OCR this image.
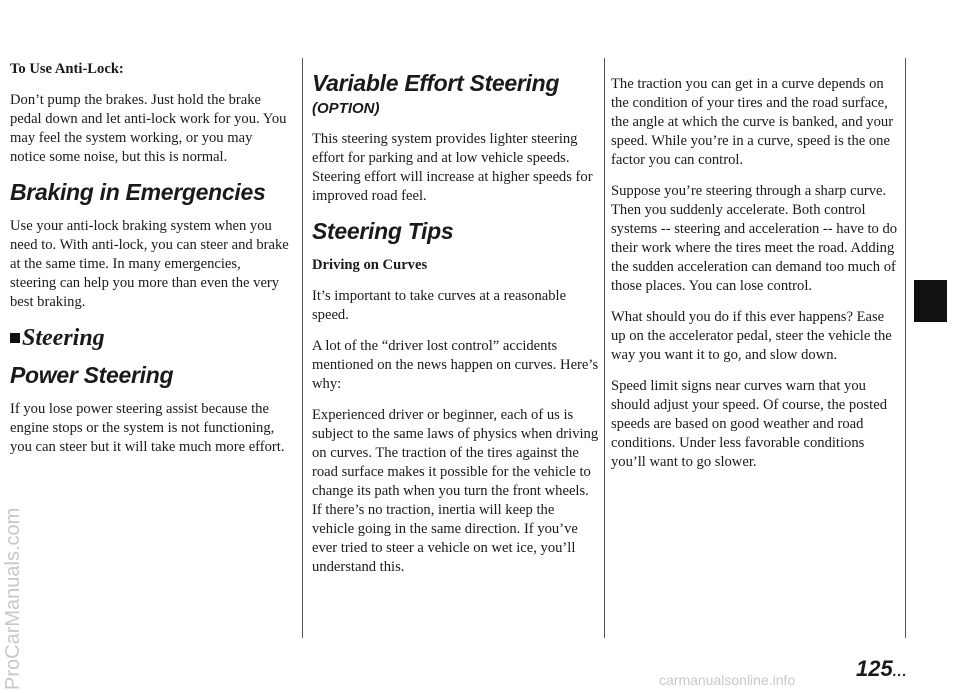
To Use Anti-Lock:

Don’t pump the brakes. Just hold the brake pedal down and let anti-lock work for you. You may feel the system working, or you may notice some noise, but this is normal.

Braking in Emergencies

Use your anti-lock braking system when you need to. With anti-lock, you can steer and brake at the same time. In many emergencies, steering can help you more than even the very best braking.

Steering
Power Steering

If you lose power steering assist because the engine stops or the system is not functioning, you can steer but it will take much more effort.

Variable Effort Steering
(OPTION)

This steering system provides lighter steering effort for parking and at low vehicle speeds. Steering effort will increase at higher speeds for improved road feel.

Steering Tips
Driving on Curves

It’s important to take curves at a reasonable speed.

A lot of the “driver lost control” accidents mentioned on the news happen on curves. Here’s why:

Experienced driver or beginner, each of us is subject to the same laws of physics when driving on curves. The traction of the tires against the road surface makes it possible for the vehicle to change its path when you turn the front wheels. If there’s no traction, inertia will keep the vehicle going in the same direction. If you’ve ever tried to steer a vehicle on wet ice, you’ll understand this.

The traction you can get in a curve depends on the condition of your tires and the road surface, the angle at which the curve is banked, and your speed. While you’re in a curve, speed is the one factor you can control.

Suppose you’re steering through a sharp curve. Then you suddenly accelerate. Both control systems -- steering and acceleration -- have to do their work where the tires meet the road. Adding the sudden acceleration can demand too much of those places. You can lose control.

What should you do if this ever happens? Ease up on the accelerator pedal, steer the vehicle the way you want it to go, and slow down.

Speed limit signs near curves warn that you should adjust your speed. Of course, the posted speeds are based on good weather and road conditions. Under less favorable conditions you’ll want to go slower.

125...
ProCarManuals.com	carmanualsonline.info
